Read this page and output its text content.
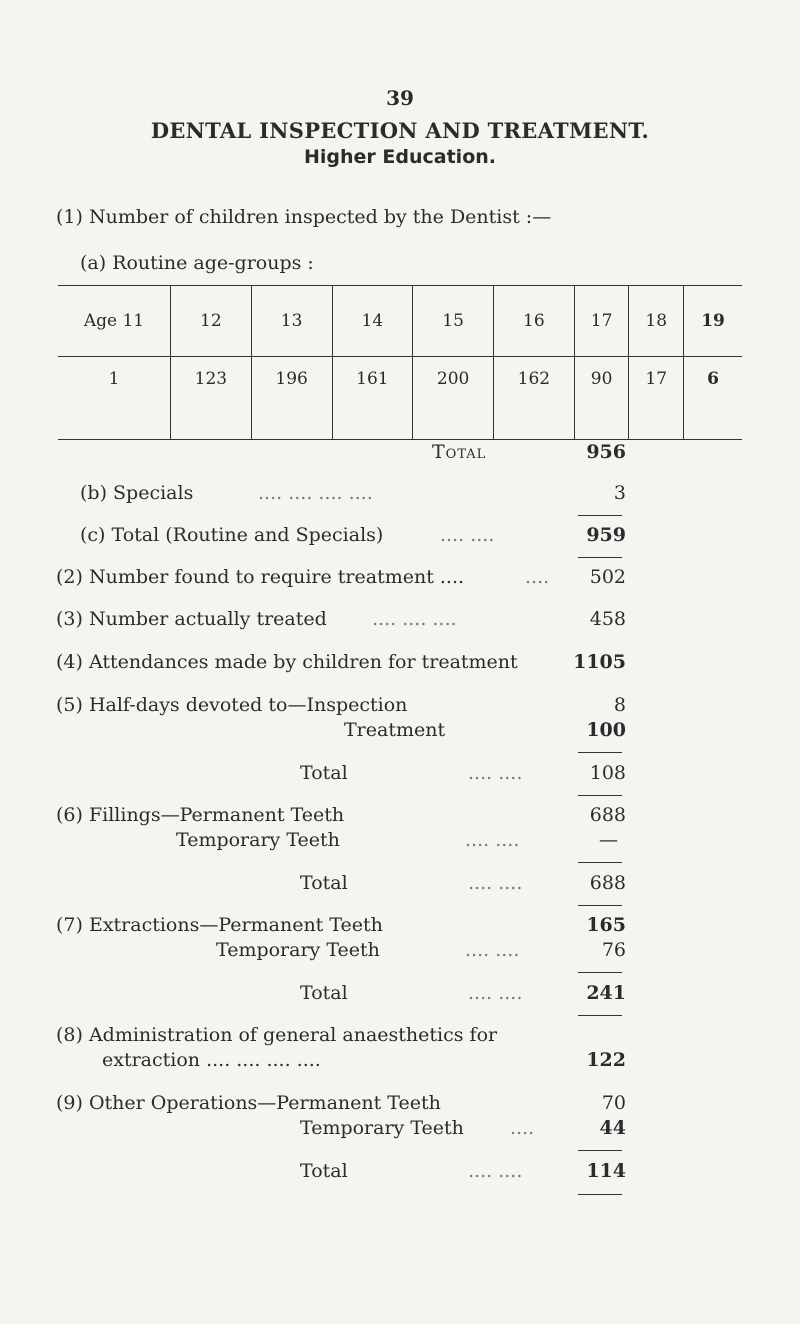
39
DENTAL INSPECTION AND TREATMENT.
Higher Education.
(1) Number of children inspected by the Dentist :—
(a) Routine age-groups :
Age 11	12	13	14	15	16	17	18	19
1	123	196	161	200	162	90	17	6
Total	956
(b) Specials	.... .... .... ....	3
(c) Total (Routine and Specials)	.... ....	959
(2) Number found to require treatment ....	....	502
(3) Number actually treated .... .... ....	458
(4) Attendances made by children for treatment	1105
(5) Half-days devoted to—Inspection	8
Treatment	100
Total	.... ....	108
(6) Fillings—Permanent Teeth	688
Temporary Teeth	.... ....	—
Total	.... ....	688
(7) Extractions—Permanent Teeth	165
Temporary Teeth	.... ....	76
Total	.... ....	241
(8) Administration of general anaesthetics for
extraction .... .... .... ....	122
(9) Other Operations—Permanent Teeth	70
Temporary Teeth ....	44
Total	.... ....	114
